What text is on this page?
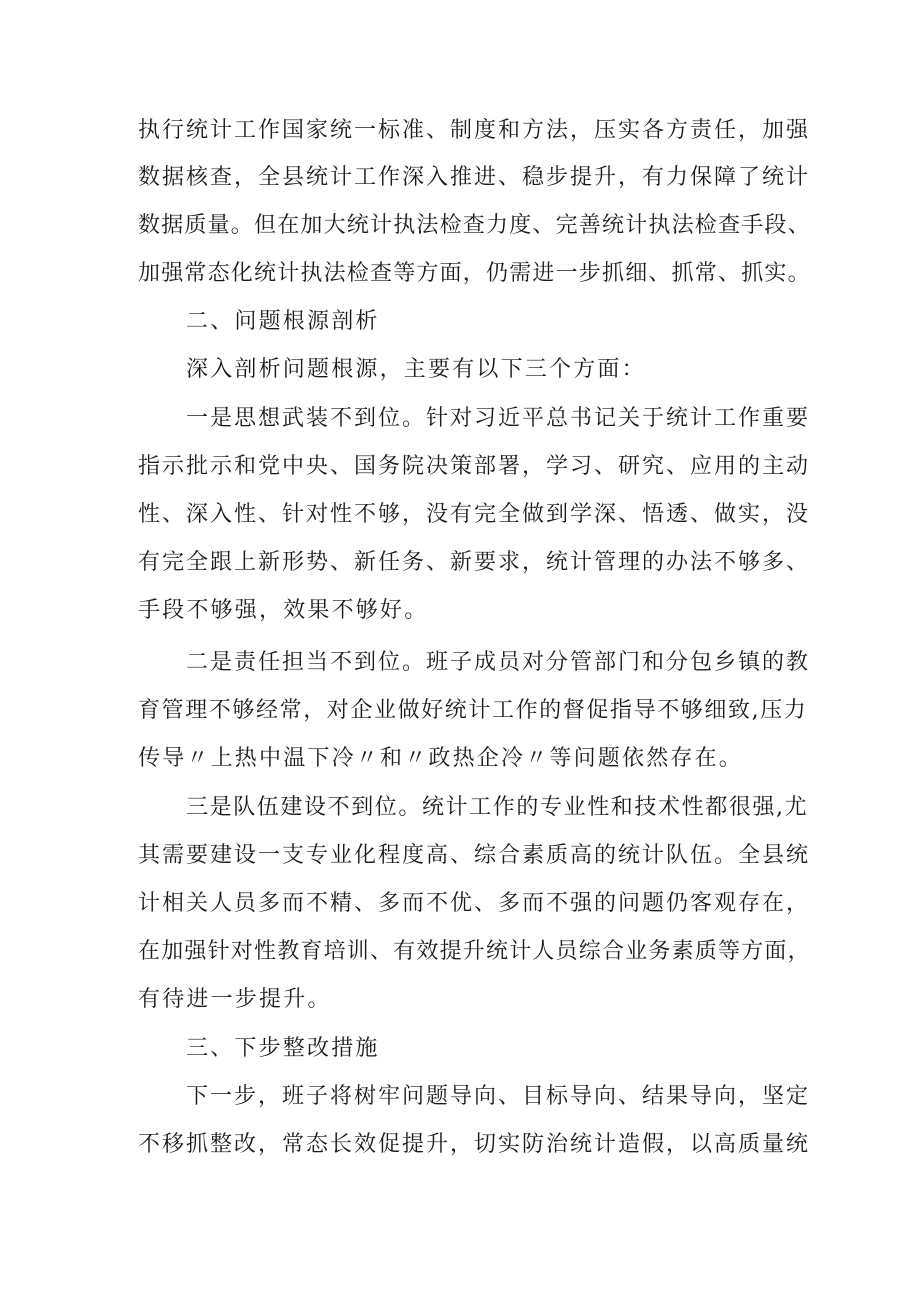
执行统计工作国家统一标准、制度和方法，压实各方责任，加强

数据核查，全县统计工作深入推进、稳步提升，有力保障了统计

数据质量。但在加大统计执法检查力度、完善统计执法检查手段、

加强常态化统计执法检查等方面，仍需进一步抓细、抓常、抓实。

二、问题根源剖析

深入剖析问题根源，主要有以下三个方面：

一是思想武装不到位。针对习近平总书记关于统计工作重要

指示批示和党中央、国务院决策部署，学习、研究、应用的主动

性、深入性、针对性不够，没有完全做到学深、悟透、做实，没

有完全跟上新形势、新任务、新要求，统计管理的办法不够多、

手段不够强，效果不够好。

二是责任担当不到位。班子成员对分管部门和分包乡镇的教

育管理不够经常，对企业做好统计工作的督促指导不够细致,压力

传导〃上热中温下冷〃和〃政热企冷〃等问题依然存在。

三是队伍建设不到位。统计工作的专业性和技术性都很强,尤

其需要建设一支专业化程度高、综合素质高的统计队伍。全县统

计相关人员多而不精、多而不优、多而不强的问题仍客观存在，

在加强针对性教育培训、有效提升统计人员综合业务素质等方面，

有待进一步提升。

三、下步整改措施

下一步，班子将树牢问题导向、目标导向、结果导向，坚定

不移抓整改，常态长效促提升，切实防治统计造假，以高质量统
